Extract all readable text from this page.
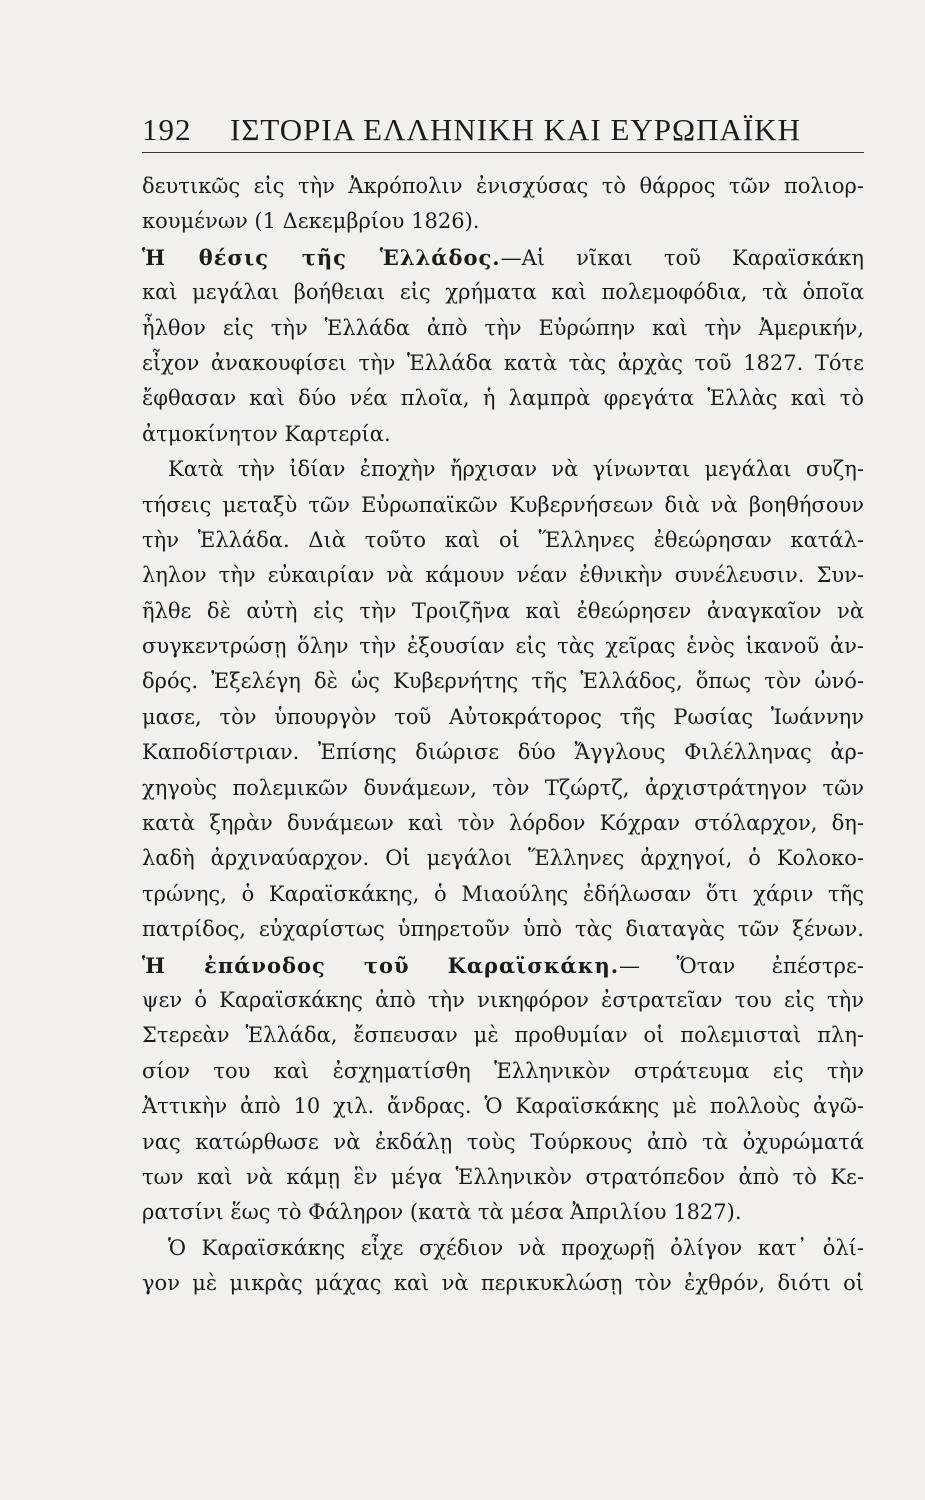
192 ΙΣΤΟΡΙΑ ΕΛΛΗΝΙΚΗ ΚΑΙ ΕΥΡΩΠΑΪΚΗ
δευτικῶς εἰς τὴν Ἀκρόπολιν ἐνισχύσας τὸ θάρρος τῶν πολιορ-
κουμένων (1 Δεκεμβρίου 1826).
Ἡ θέσις τῆς Ἑλλάδος.—Αἱ νῖκαι τοῦ Καραϊσκάκη
καὶ μεγάλαι βοήθειαι εἰς χρήματα καὶ πολεμοφόδια, τὰ ὁποῖα
ἦλθον εἰς τὴν Ἑλλάδα ἀπὸ τὴν Εὐρώπην καὶ τὴν Ἀμερικήν,
εἶχον ἀνακουφίσει τὴν Ἑλλάδα κατὰ τὰς ἀρχὰς τοῦ 1827. Τότε
ἔφθασαν καὶ δύο νέα πλοῖα, ἡ λαμπρὰ φρεγάτα Ἑλλὰς καὶ τὸ
ἀτμοκίνητον Καρτερία.
Κατὰ τὴν ἰδίαν ἐποχὴν ἤρχισαν νὰ γίνωνται μεγάλαι συζη-
τήσεις μεταξὺ τῶν Εὐρωπαϊκῶν Κυβερνήσεων διὰ νὰ βοηθήσουν
τὴν Ἑλλάδα. Διὰ τοῦτο καὶ οἱ Ἕλληνες ἐθεώρησαν κατάλ-
ληλον τὴν εὐκαιρίαν νὰ κάμουν νέαν ἐθνικὴν συνέλευσιν. Συν-
ῆλθε δὲ αὐτὴ εἰς τὴν Τροιζῆνα καὶ ἐθεώρησεν ἀναγκαῖον νὰ
συγκεντρώσῃ ὅλην τὴν ἐξουσίαν εἰς τὰς χεῖρας ἑνὸς ἱκανοῦ ἀν-
δρός. Ἐξελέγη δὲ ὡς Κυβερνήτης τῆς Ἑλλάδος, ὅπως τὸν ὠνό-
μασε, τὸν ὑπουργὸν τοῦ Αὐτοκράτορος τῆς Ρωσίας Ἰωάννην
Καποδίστριαν. Ἐπίσης διώρισε δύο Ἄγγλους Φιλέλληνας ἀρ-
χηγοὺς πολεμικῶν δυνάμεων, τὸν Τζώρτζ, ἀρχιστράτηγον τῶν
κατὰ ξηρὰν δυνάμεων καὶ τὸν λόρδον Κόχραν στόλαρχον, δη-
λαδὴ ἀρχιναύαρχον. Οἱ μεγάλοι Ἕλληνες ἀρχηγοί, ὁ Κολοκο-
τρώνης, ὁ Καραϊσκάκης, ὁ Μιαούλης ἐδήλωσαν ὅτι χάριν τῆς
πατρίδος, εὐχαρίστως ὑπηρετοῦν ὑπὸ τὰς διαταγὰς τῶν ξένων.
Ἡ ἐπάνοδος τοῦ Καραϊσκάκη.— Ὅταν ἐπέστρε-
ψεν ὁ Καραϊσκάκης ἀπὸ τὴν νικηφόρον ἐστρατεῖαν του εἰς τὴν
Στερεὰν Ἑλλάδα, ἔσπευσαν μὲ προθυμίαν οἱ πολεμισταὶ πλη-
σίον του καὶ ἐσχηματίσθη Ἑλληνικὸν στράτευμα εἰς τὴν
Ἀττικὴν ἀπὸ 10 χιλ. ἄνδρας. Ὁ Καραϊσκάκης μὲ πολλοὺς ἀγῶ-
νας κατώρθωσε νὰ ἐκδάλῃ τοὺς Τούρκους ἀπὸ τὰ ὀχυρώματά
των καὶ νὰ κάμῃ ἓν μέγα Ἑλληνικὸν στρατόπεδον ἀπὸ τὸ Κε-
ρατσίνι ἕως τὸ Φάληρον (κατὰ τὰ μέσα Ἀπριλίου 1827).
Ὁ Καραϊσκάκης εἶχε σχέδιον νὰ προχωρῇ ὀλίγον κατ᾽ ὀλί-
γον μὲ μικρὰς μάχας καὶ νὰ περικυκλώσῃ τὸν ἐχθρόν, διότι οἱ
